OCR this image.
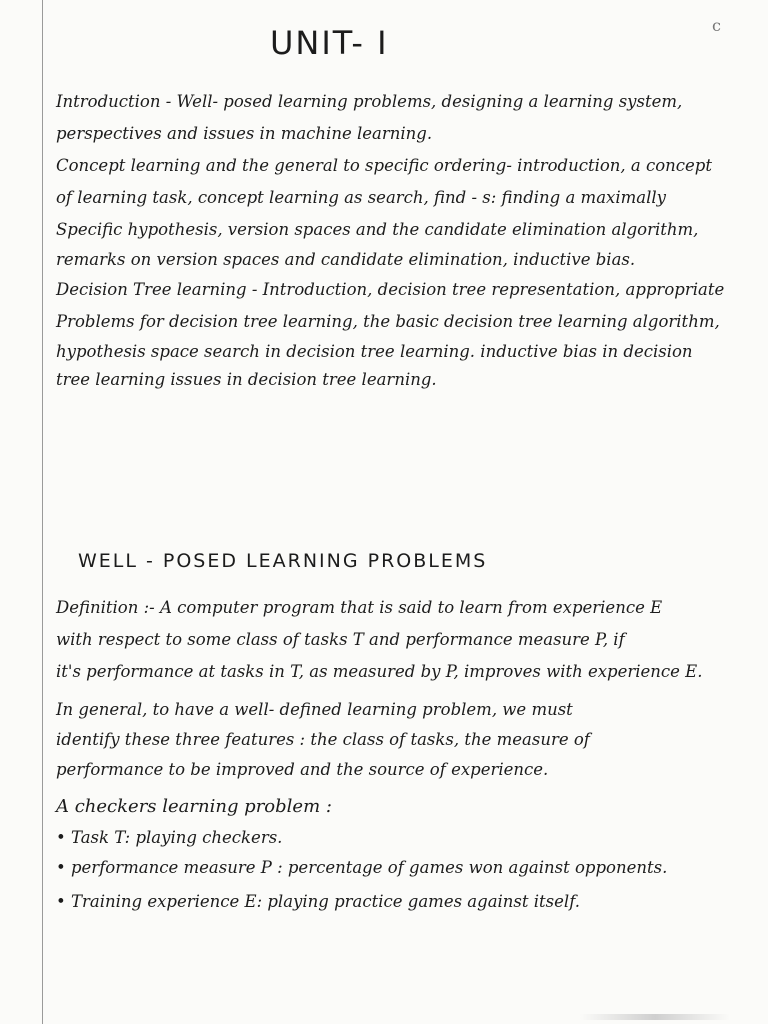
c
UNIT- I
Introduction - Well- posed learning problems, designing a learning system,
perspectives and issues in machine learning.
Concept learning and the general to specific ordering- introduction, a concept
of learning task, concept learning as search, find - s: finding a maximally
Specific hypothesis, version spaces and the candidate elimination algorithm,
remarks on version spaces and candidate elimination, inductive bias.
Decision Tree learning - Introduction, decision tree representation, appropriate
Problems for decision tree learning, the basic decision tree learning algorithm,
hypothesis space search in decision tree learning. inductive bias in decision
tree learning issues in decision tree learning.
WELL - POSED LEARNING PROBLEMS
Definition :- A computer program that is said to learn from experience E
with respect to some class of tasks T and performance measure P, if
it's performance at tasks in T, as measured by P, improves with experience E.
In general, to have a well- defined learning problem, we must
identify these three features : the class of tasks, the measure of
performance to be improved and the source of experience.
A checkers learning problem :
• Task T: playing checkers.
• performance measure P : percentage of games won against opponents.
• Training experience E: playing practice games against itself.
